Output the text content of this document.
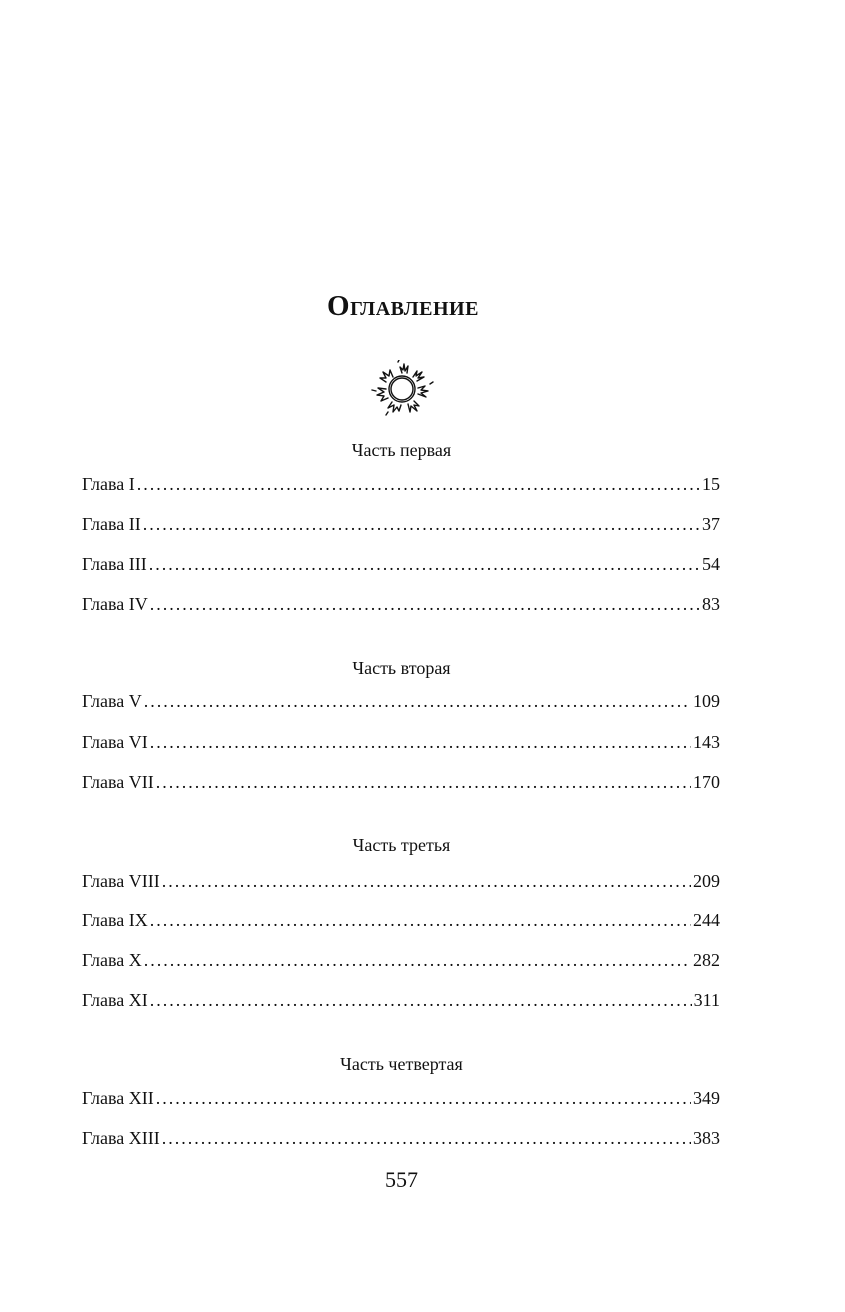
Оглавление
Часть первая
Глава I .....	15
Глава II .....	37
Глава III .....	54
Глава IV .....	83
Часть вторая
Глава V .....	109
Глава VI .....	143
Глава VII .....	170
Часть третья
Глава VIII .....	209
Глава IX .....	244
Глава X .....	282
Глава XI .....	311
Часть четвертая
Глава XII .....	349
Глава XIII .....	383
557
